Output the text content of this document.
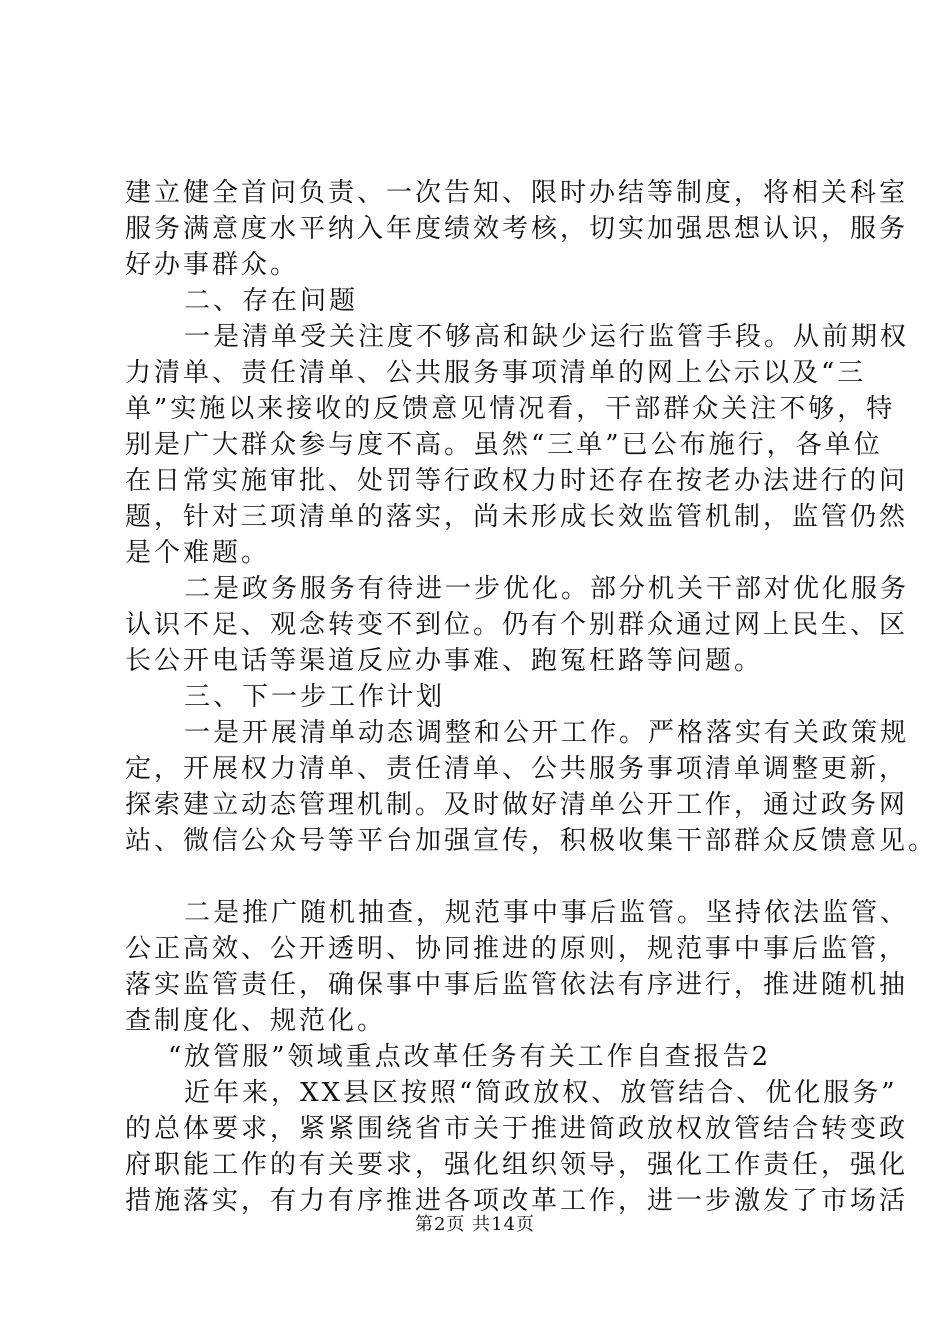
建立健全首问负责、一次告知、限时办结等制度，将相关科室
服务满意度水平纳入年度绩效考核，切实加强思想认识，服务
好办事群众。
二、存在问题
一是清单受关注度不够高和缺少运行监管手段。从前期权
力清单、责任清单、公共服务事项清单的网上公示以及“三
单”实施以来接收的反馈意见情况看，干部群众关注不够，特
别是广大群众参与度不高。虽然“三单”已公布施行，各单位
在日常实施审批、处罚等行政权力时还存在按老办法进行的问
题，针对三项清单的落实，尚未形成长效监管机制，监管仍然
是个难题。
二是政务服务有待进一步优化。部分机关干部对优化服务
认识不足、观念转变不到位。仍有个别群众通过网上民生、区
长公开电话等渠道反应办事难、跑冤枉路等问题。
三、下一步工作计划
一是开展清单动态调整和公开工作。严格落实有关政策规
定，开展权力清单、责任清单、公共服务事项清单调整更新，
探索建立动态管理机制。及时做好清单公开工作，通过政务网
站、微信公众号等平台加强宣传，积极收集干部群众反馈意见。
二是推广随机抽查，规范事中事后监管。坚持依法监管、
公正高效、公开透明、协同推进的原则，规范事中事后监管，
落实监管责任，确保事中事后监管依法有序进行，推进随机抽
查制度化、规范化。
“放管服”领域重点改革任务有关工作自查报告2
近年来，XX县区按照“简政放权、放管结合、优化服务”
的总体要求，紧紧围绕省市关于推进简政放权放管结合转变政
府职能工作的有关要求，强化组织领导，强化工作责任，强化
措施落实，有力有序推进各项改革工作，进一步激发了市场活
第2页 共14页
